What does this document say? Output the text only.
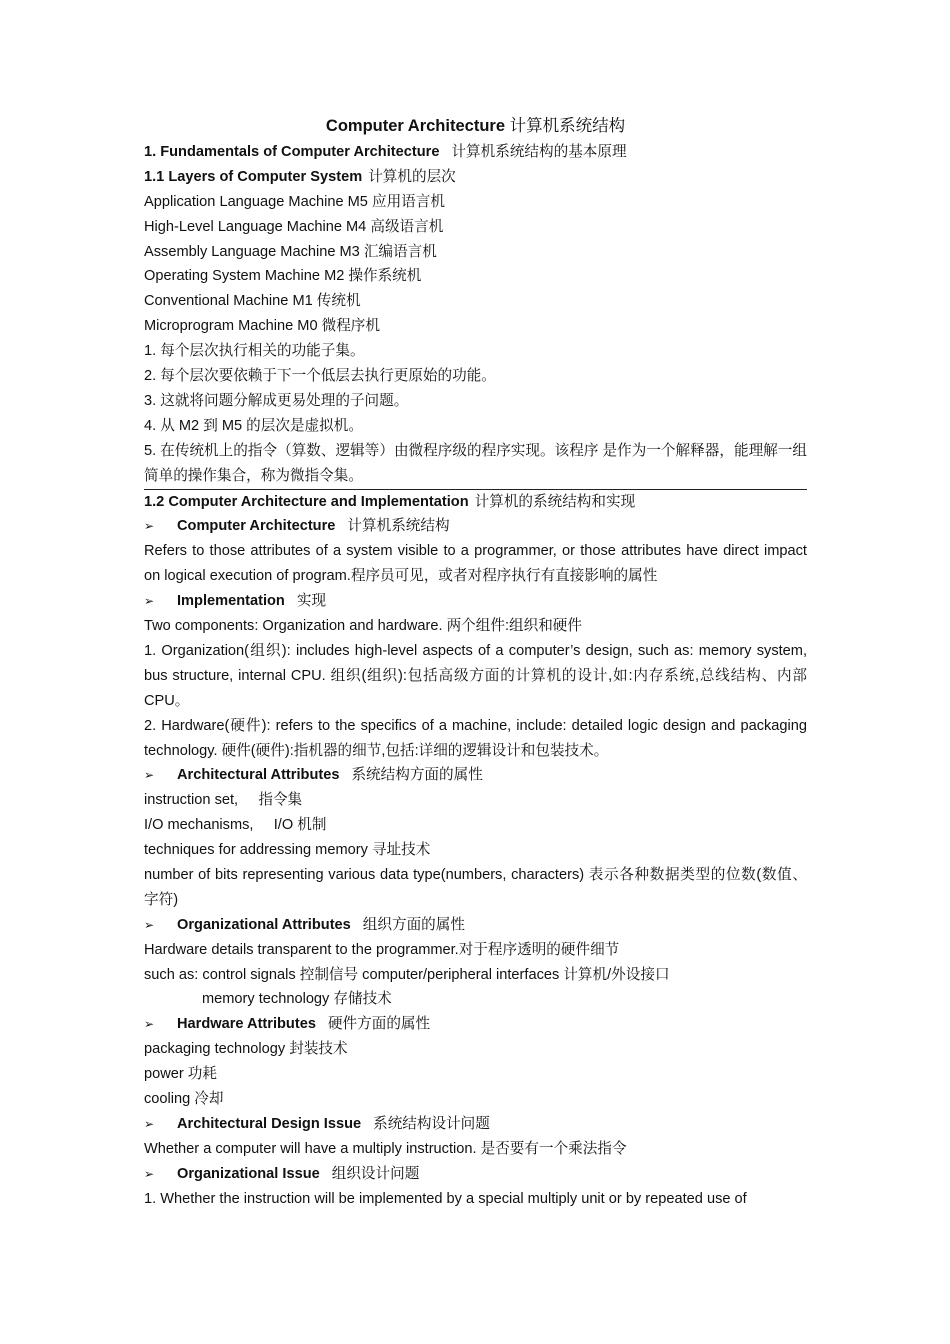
Computer Architecture 计算机系统结构
1. Fundamentals of Computer Architecture 计算机系统结构的基本原理
1.1 Layers of Computer System 计算机的层次
Application Language Machine M5 应用语言机
High-Level Language Machine M4 高级语言机
Assembly Language Machine M3 汇编语言机
Operating System Machine M2 操作系统机
Conventional Machine M1 传统机
Microprogram Machine M0 微程序机
1. 每个层次执行相关的功能子集。
2. 每个层次要依赖于下一个低层去执行更原始的功能。
3. 这就将问题分解成更易处理的子问题。
4. 从 M2 到 M5 的层次是虚拟机。
5. 在传统机上的指令（算数、逻辑等）由微程序级的程序实现。该程序 是作为一个解释器，能理解一组简单的操作集合，称为微指令集。
1.2 Computer Architecture and Implementation 计算机的系统结构和实现
➢ Computer Architecture 计算机系统结构
Refers to those attributes of a system visible to a programmer, or those attributes have direct impact on logical execution of program.程序员可见，或者对程序执行有直接影响的属性
➢ Implementation 实现
Two components: Organization and hardware. 两个组件:组织和硬件
1. Organization(组织): includes high-level aspects of a computer’s design, such as: memory system, bus structure, internal CPU. 组织(组织):包括高级方面的计算机的设计,如:内存系统,总线结构、内部 CPU。
2. Hardware(硬件): refers to the specifics of a machine, include: detailed logic design and packaging technology. 硬件(硬件):指机器的细节,包括:详细的逻辑设计和包装技术。
➢ Architectural Attributes 系统结构方面的属性
instruction set,     指令集
I/O mechanisms,     I/O 机制
techniques for addressing memory 寻址技术
number of bits representing various data type(numbers, characters) 表示各种数据类型的位数(数值、字符)
➢ Organizational Attributes 组织方面的属性
Hardware details transparent to the programmer.对于程序透明的硬件细节
such as: control signals 控制信号 computer/peripheral interfaces 计算机/外设接口
memory technology 存储技术
➢ Hardware Attributes 硬件方面的属性
packaging technology 封装技术
power 功耗
cooling 冷却
➢ Architectural Design Issue 系统结构设计问题
Whether a computer will have a multiply instruction. 是否要有一个乘法指令
➢ Organizational Issue 组织设计问题
1. Whether the instruction will be implemented by a special multiply unit or by repeated use of
